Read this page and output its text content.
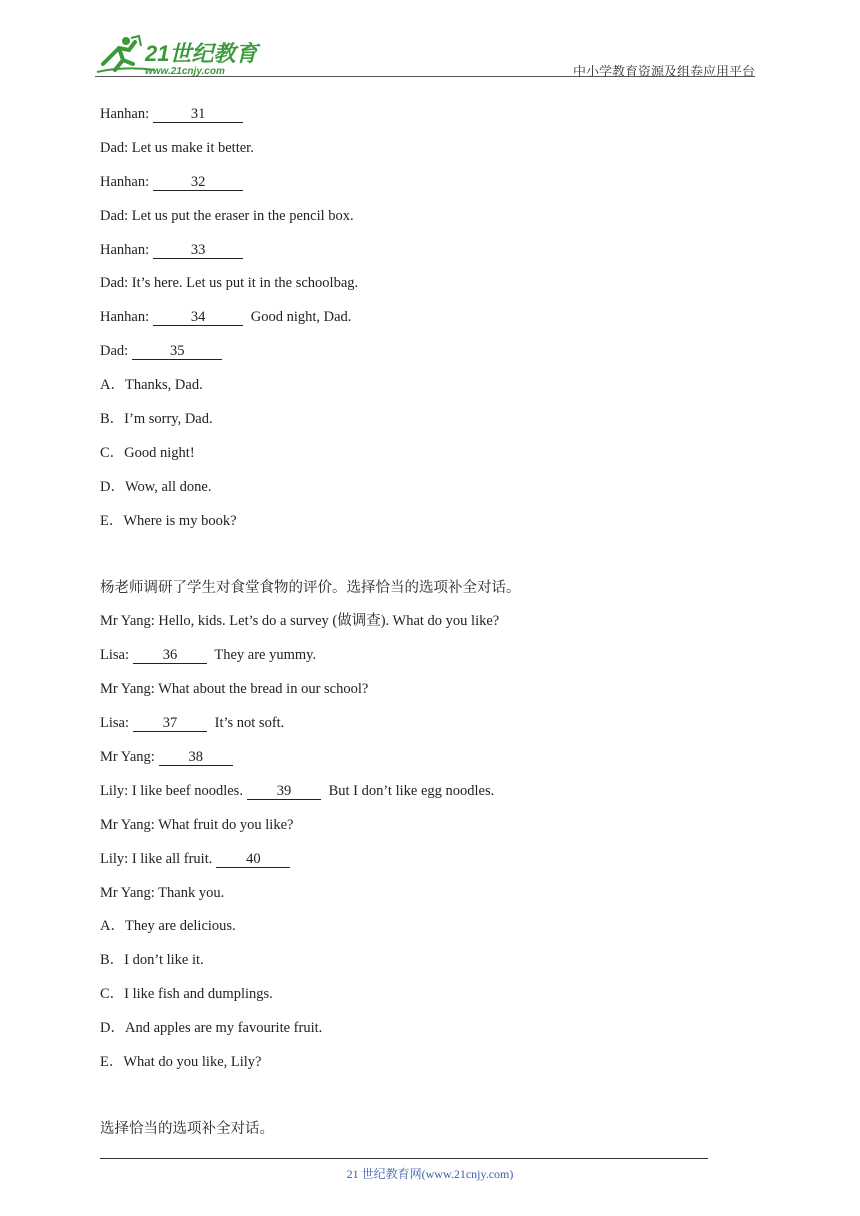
21世纪教育
www.21cnjy.com	中小学教育资源及组卷应用平台
Hanhan:	31
Dad: Let us make it better.
Hanhan:	32
Dad: Let us put the eraser in the pencil box.
Hanhan:	33
Dad: It’s here. Let us put it in the schoolbag.
Hanhan:	34	Good night, Dad.
Dad:	35
A．Thanks, Dad.
B．I’m sorry, Dad.
C．Good night!
D．Wow, all done.
E．Where is my book?
杨老师调研了学生对食堂食物的评价。选择恰当的选项补全对话。
Mr Yang: Hello, kids. Let’s do a survey (做调查). What do you like?
Lisa: 36	They are yummy.
Mr Yang: What about the bread in our school?
Lisa: 37	It’s not soft.
Mr Yang: 38
Lily: I like beef noodles. 39	But I don’t like egg noodles.
Mr Yang: What fruit do you like?
Lily: I like all fruit. 40
Mr Yang: Thank you.
A．They are delicious.
B．I don’t like it.
C．I like fish and dumplings.
D．And apples are my favourite fruit.
E．What do you like, Lily?
选择恰当的选项补全对话。
21 世纪教育网(www.21cnjy.com)
